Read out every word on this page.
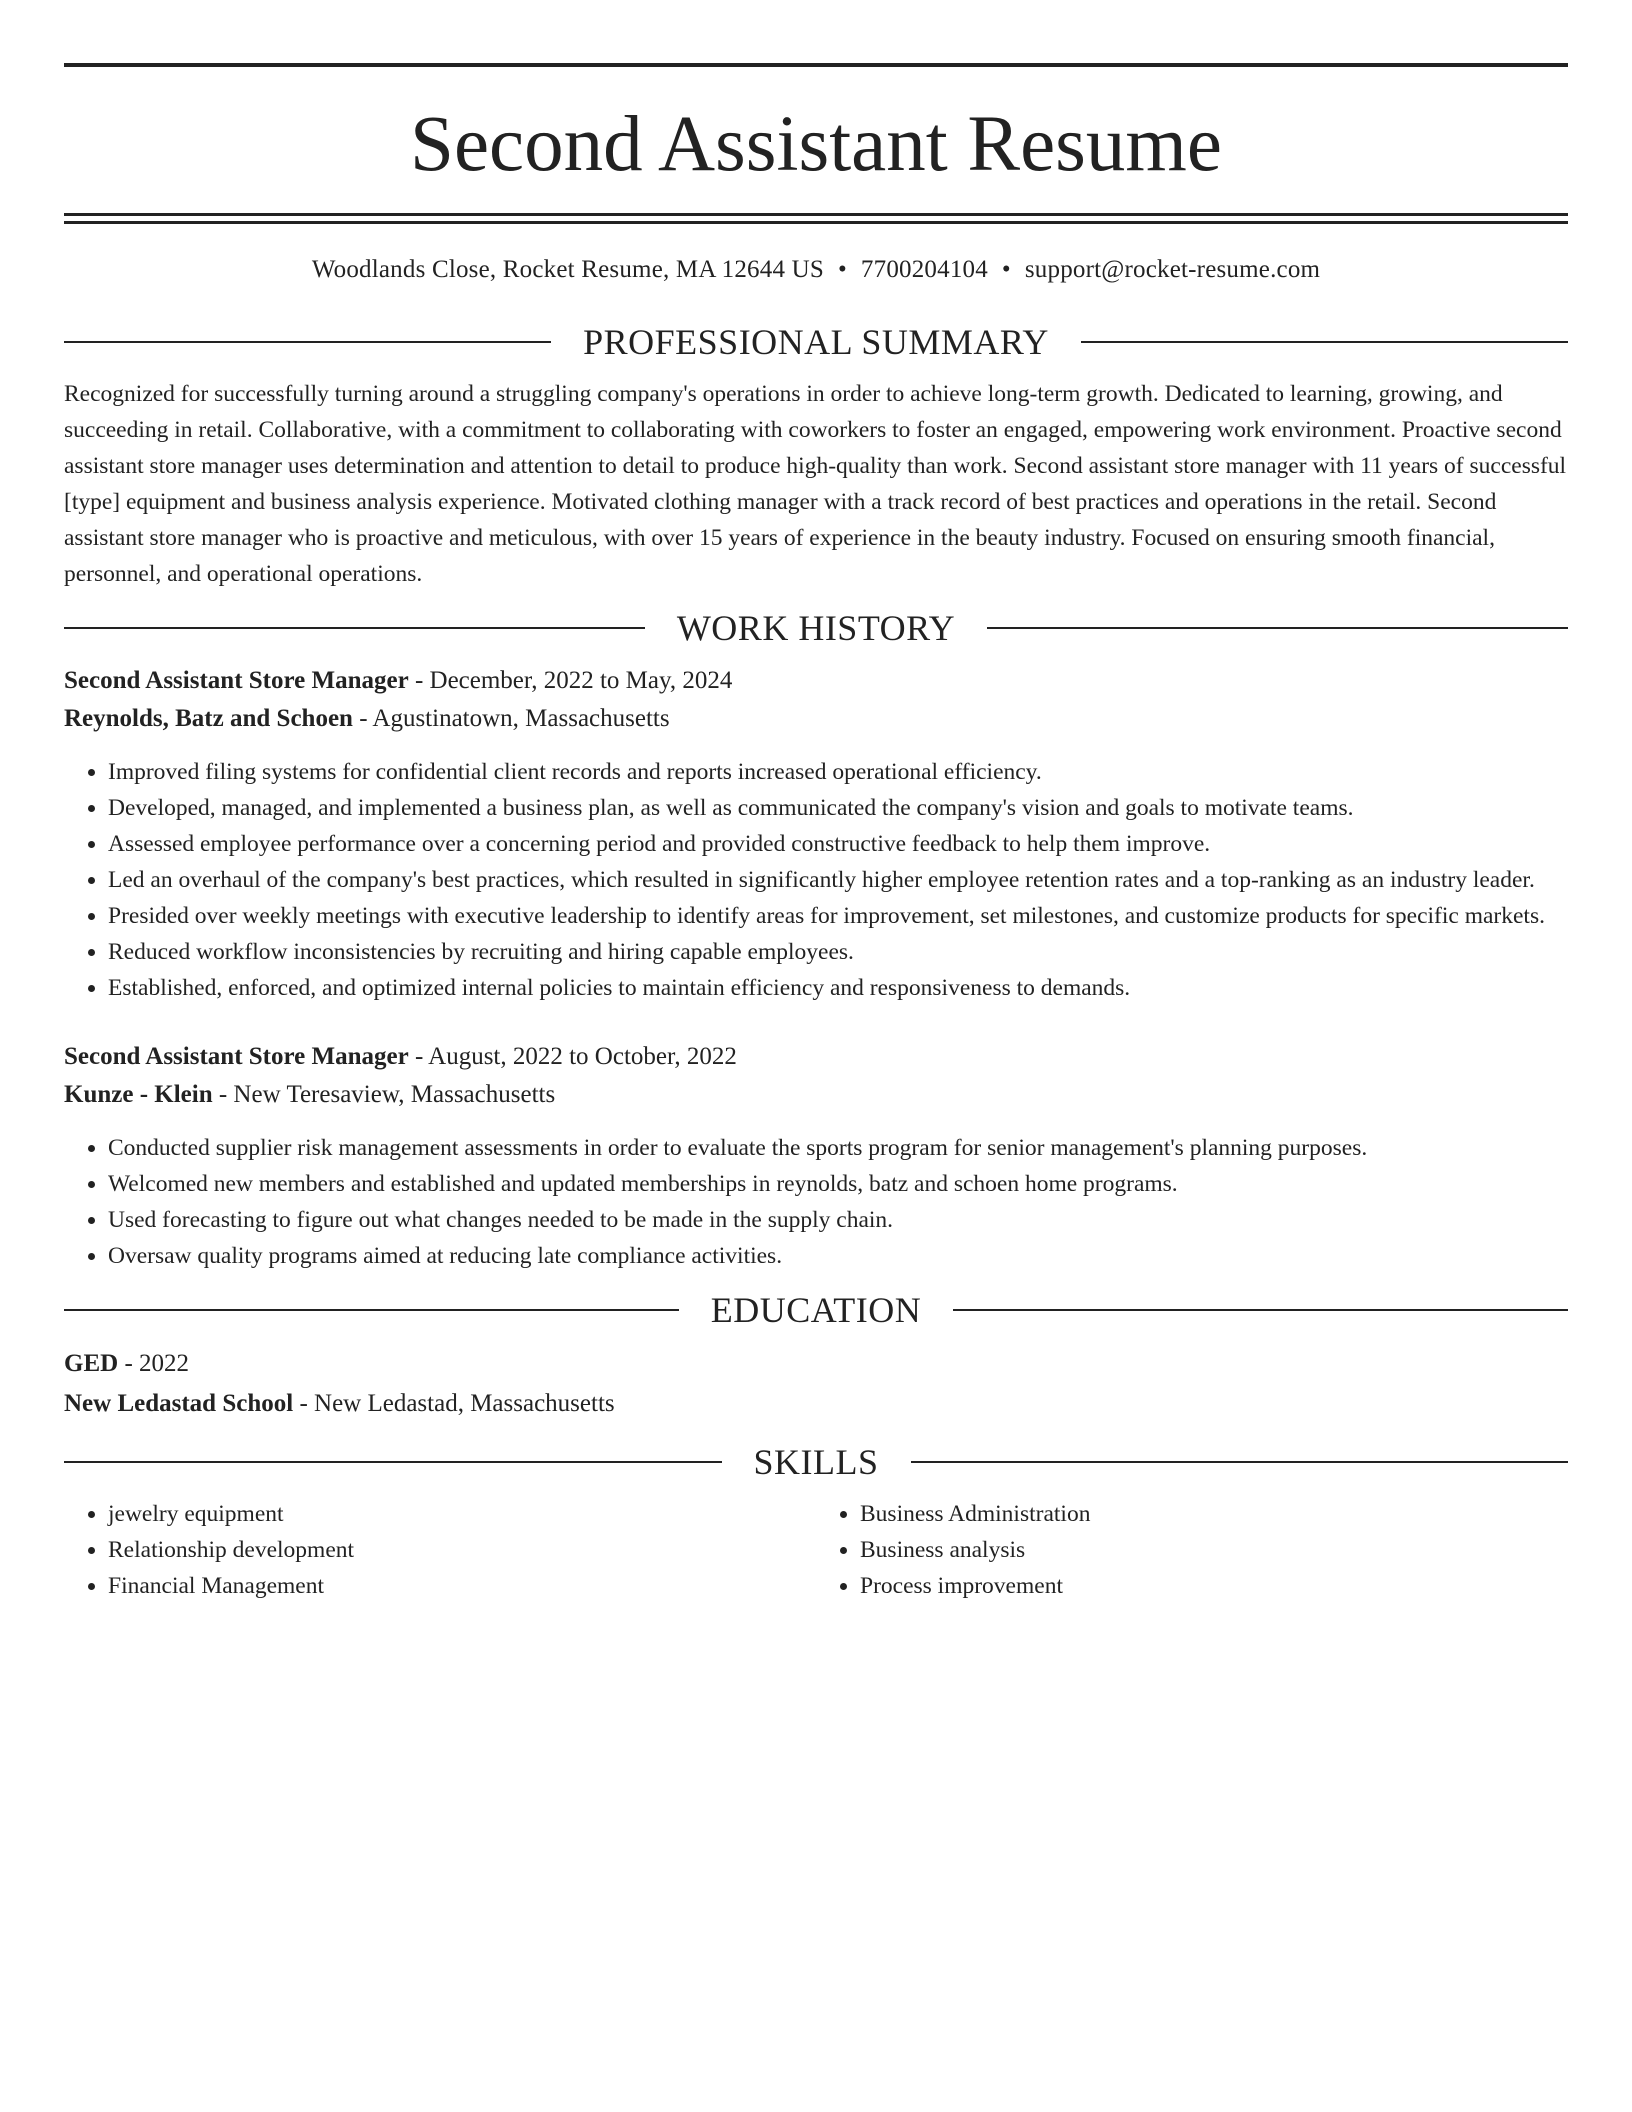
Second Assistant Resume
Woodlands Close, Rocket Resume, MA 12644 US • 7700204104 • support@rocket-resume.com
PROFESSIONAL SUMMARY

Recognized for successfully turning around a struggling company's operations in order to achieve long-term growth. Dedicated to learning, growing, and succeeding in retail. Collaborative, with a commitment to collaborating with coworkers to foster an engaged, empowering work environment. Proactive second assistant store manager uses determination and attention to detail to produce high-quality than work. Second assistant store manager with 11 years of successful [type] equipment and business analysis experience. Motivated clothing manager with a track record of best practices and operations in the retail. Second assistant store manager who is proactive and meticulous, with over 15 years of experience in the beauty industry. Focused on ensuring smooth financial, personnel, and operational operations.

WORK HISTORY

Second Assistant Store Manager - December, 2022 to May, 2024

Reynolds, Batz and Schoen - Agustinatown, Massachusetts

• Improved filing systems for confidential client records and reports increased operational efficiency.
• Developed, managed, and implemented a business plan, as well as communicated the company's vision and goals to motivate teams.
• Assessed employee performance over a concerning period and provided constructive feedback to help them improve.
• Led an overhaul of the company's best practices, which resulted in significantly higher employee retention rates and a top-ranking as an industry leader.
• Presided over weekly meetings with executive leadership to identify areas for improvement, set milestones, and customize products for specific markets.
• Reduced workflow inconsistencies by recruiting and hiring capable employees.
• Established, enforced, and optimized internal policies to maintain efficiency and responsiveness to demands.

Second Assistant Store Manager - August, 2022 to October, 2022

Kunze - Klein - New Teresaview, Massachusetts

• Conducted supplier risk management assessments in order to evaluate the sports program for senior management's planning purposes.
• Welcomed new members and established and updated memberships in reynolds, batz and schoen home programs.
• Used forecasting to figure out what changes needed to be made in the supply chain.
• Oversaw quality programs aimed at reducing late compliance activities.
EDUCATION

GED - 2022

New Ledastad School - New Ledastad, Massachusetts

SKILLS
• jewelry equipment
• Relationship development
• Financial Management
• Business Administration
• Business analysis
• Process improvement
